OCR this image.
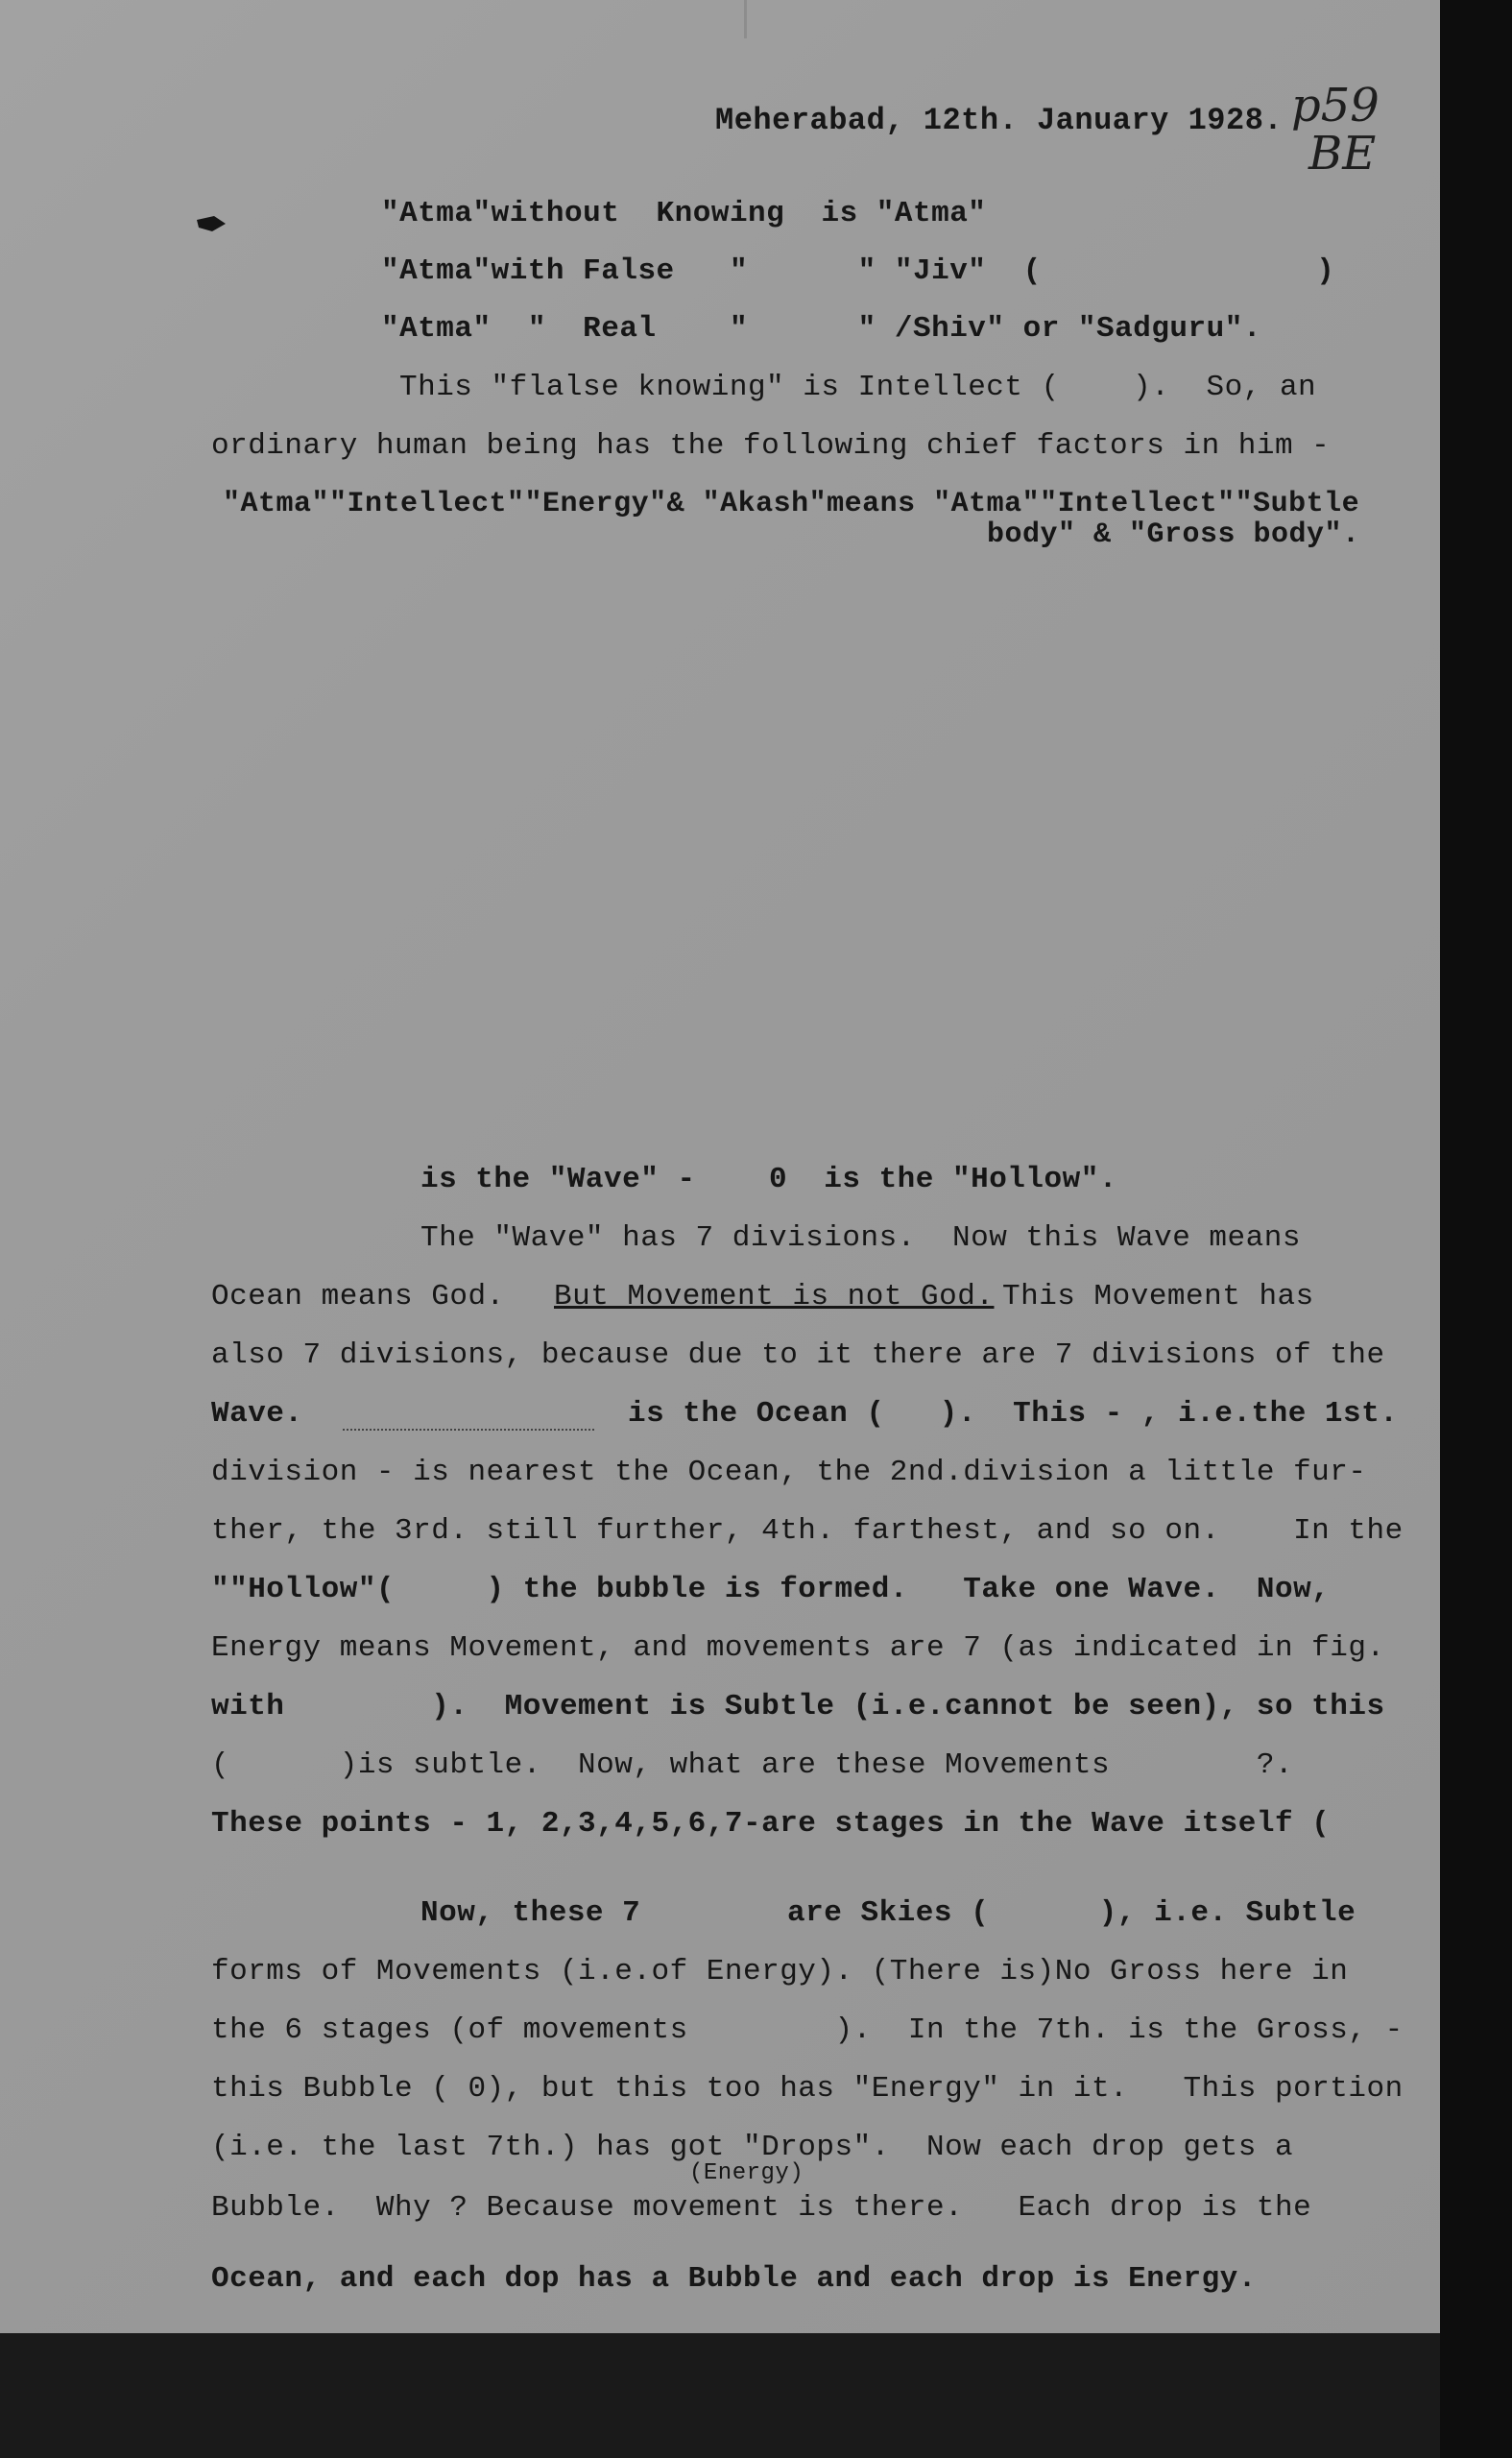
Meherabad, 12th. January 1928. p59
BE
"Atma"without  Knowing  is "Atma"
"Atma"with False   "      " "Jiv"  (               )
"Atma"  "  Real    "      " /Shiv" or "Sadguru".
This "flalse knowing" is Intellect (    ).  So, an
ordinary human being has the following chief factors in him -
"Atma""Intellect""Energy"& "Akash"means "Atma""Intellect""Subtle
body" & "Gross body".
is the "Wave" -    0  is the "Hollow".
The "Wave" has 7 divisions.  Now this Wave means
Ocean means God. But Movement is not God. This Movement has
also 7 divisions, because due to it there are 7 divisions of the
Wave.	is the Ocean (   ).  This - , i.e.the 1st.
division - is nearest the Ocean, the 2nd.division a little fur-
ther, the 3rd. still further, 4th. farthest, and so on.    In the
""Hollow"(     ) the bubble is formed.   Take one Wave.  Now,
Energy means Movement, and movements are 7 (as indicated in fig.
with        ).  Movement is Subtle (i.e.cannot be seen), so this
(      )is subtle.  Now, what are these Movements        ?.
These points - 1, 2,3,4,5,6,7-are stages in the Wave itself (
Now, these 7        are Skies (      ), i.e. Subtle
forms of Movements (i.e.of Energy). (There is)No Gross here in
the 6 stages (of movements        ).  In the 7th. is the Gross, -
this Bubble ( 0), but this too has "Energy" in it.   This portion
(i.e. the last 7th.) has got "Drops".  Now each drop gets a
(Energy)
Bubble.  Why ? Because movement is there.   Each drop is the
Ocean, and each dop has a Bubble and each drop is Energy.
